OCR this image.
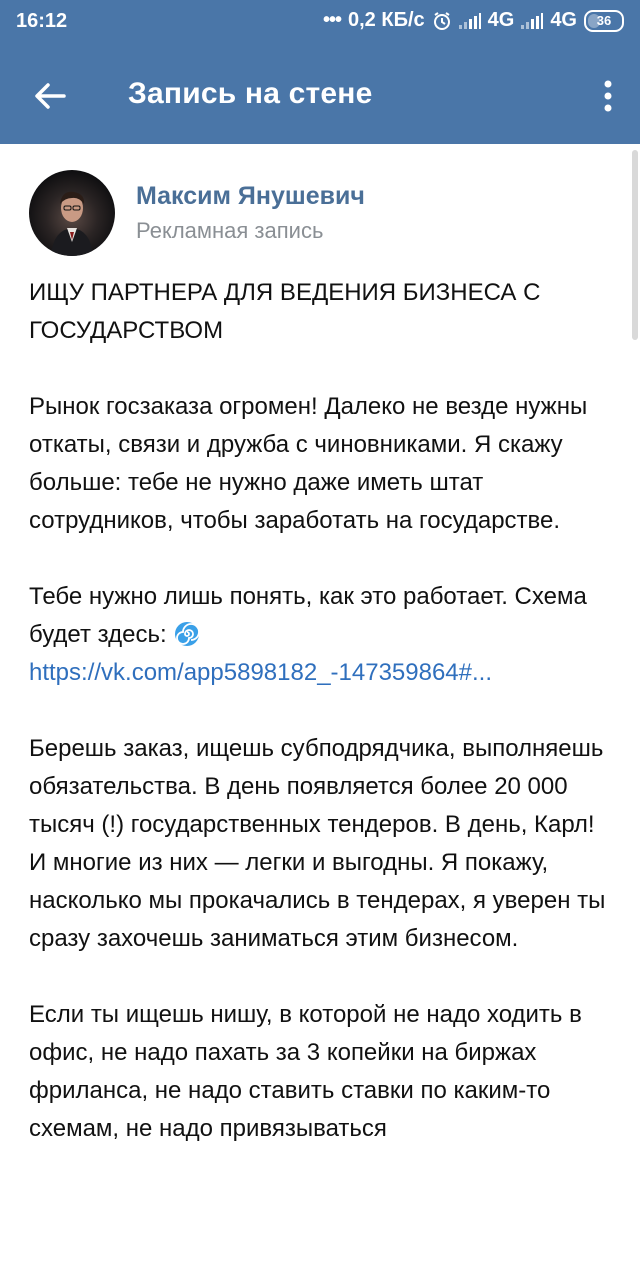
16:12	••• 0,2 КБ/с	4G 4G	36
Запись на стене
Максим Янушевич
Рекламная запись

ИЩУ ПАРТНЕРА ДЛЯ ВЕДЕНИЯ БИЗНЕСА С ГОСУДАРСТВОМ

Рынок госзаказа огромен! Далеко не везде нужны откаты, связи и дружба с чиновниками. Я скажу больше: тебе не нужно даже иметь штат сотрудников, чтобы заработать на государстве.

Тебе нужно лишь понять, как это работает. Схема будет здесь:https://vk.com/app5898182_-147359864#...

Берешь заказ, ищешь субподрядчика, выполняешь обязательства. В день появляется более 20 000 тысяч (!) государственных тендеров. В день, Карл! И многие из них — легки и выгодны. Я покажу, насколько мы прокачались в тендерах, я уверен ты сразу захочешь заниматься этим бизнесом.

Если ты ищешь нишу, в которой не надо ходить в офис, не надо пахать за 3 копейки на биржах фриланса, не надо ставить ставки по каким-то схемам, не надо привязываться
